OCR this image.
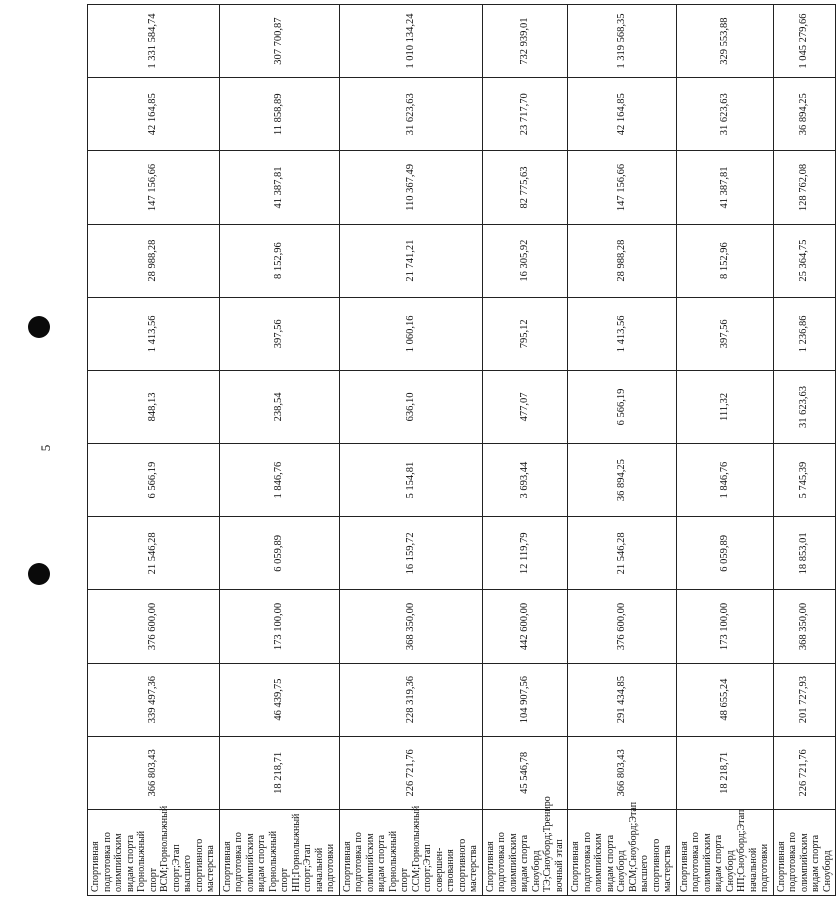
5
Спортивная подготовка по олимпийским видам спорта Горнолыжный спорт ВСМ;Горнолыжный спорт;Этап высшего спортивного мастерства	366 803,43	339 497,36	376 600,00	21 546,28	6 566,19	848,13	1 413,56	28 988,28	147 156,66	42 164,85	1 331 584,74
Спортивная подготовка по олимпийским видам спорта Горнолыжный спорт НП;Горнолыжный спорт;Этап начальной подготовки	18 218,71	46 439,75	173 100,00	6 059,89	1 846,76	238,54	397,56	8 152,96	41 387,81	11 858,89	307 700,87
Спортивная подготовка по олимпийским видам спорта Горнолыжный спорт ССМ;Горнолыжный спорт;Этап совершен-ствования спортивного мастерства	226 721,76	228 319,36	368 350,00	16 159,72	5 154,81	636,10	1 060,16	21 741,21	110 367,49	31 623,63	1 010 134,24
Спортивная подготовка по олимпийским видам спорта Сноуборд ТЭ;Сноуборд;Трениро вочный этап	45 546,78	104 907,56	442 600,00	12 119,79	3 693,44	477,07	795,12	16 305,92	82 775,63	23 717,70	732 939,01
Спортивная подготовка по олимпийским видам спорта Сноуборд ВСМ;Сноуборд;Этап высшего спортивного мастерства	366 803,43	291 434,85	376 600,00	21 546,28	36 894,25	6 566,19	1 413,56	28 988,28	147 156,66	42 164,85	1 319 568,35
Спортивная подготовка по олимпийским видам спорта Сноуборд НП;Сноуборд;Этап начальной подготовки	18 218,71	48 655,24	173 100,00	6 059,89	1 846,76	111,32	397,56	8 152,96	41 387,81	31 623,63	329 553,88
Спортивная подготовка по олимпийским видам спорта Сноуборд	226 721,76	201 727,93	368 350,00	18 853,01	5 745,39	31 623,63	1 236,86	25 364,75	128 762,08	36 894,25	1 045 279,66
